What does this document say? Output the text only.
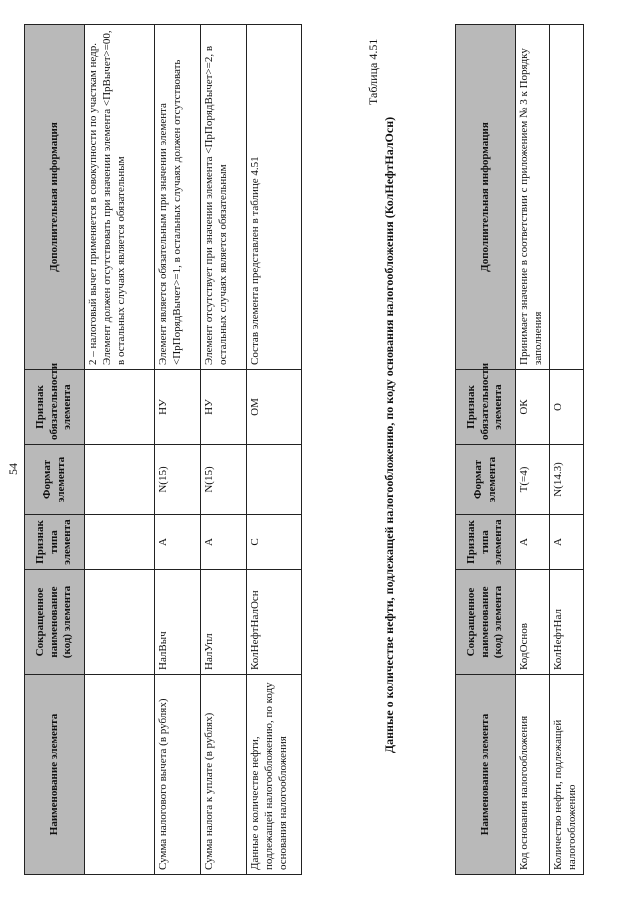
54
Наименование элемента	Сокращенное наименование (код) элемента	Признак типа элемента	Формат элемента	Признак обязательности элемента	Дополнительная информация
					2 – налоговый вычет применяется в совокупности по участкам недр.
Элемент должен отсутствовать при значении элемента <ПрВычет>=00, в остальных случаях является обязательным
Сумма налогового вычета (в рублях)	НалВыч	А	N(15)	НУ	Элемент является обязательным при значении элемента <ПрПорядВычет>=1, в остальных случаях должен отсутствовать
Сумма налога к уплате (в рублях)	НалУпл	А	N(15)	НУ	Элемент отсутствует при значении элемента <ПрПорядВычет>=2, в остальных случаях является обязательным
Данные о количестве нефти, подлежащей налогообложению, по коду основания налогообложения	КолНефтНалОсн	С		ОМ	Состав элемента представлен в таблице 4.51
Таблица 4.51
Данные о количестве нефти, подлежащей налогообложению, по коду основания налогообложения (КолНефтНалОсн)
Наименование элемента	Сокращенное наименование (код) элемента	Признак типа элемента	Формат элемента	Признак обязательности элемента	Дополнительная информация
Код основания налогообложения	КодОснов	А	T(=4)	ОК	Принимает значение в соответствии с приложением № 3 к Порядку заполнения
Количество нефти, подлежащей налогообложению	КолНефтНал	А	N(14.3)	О	
